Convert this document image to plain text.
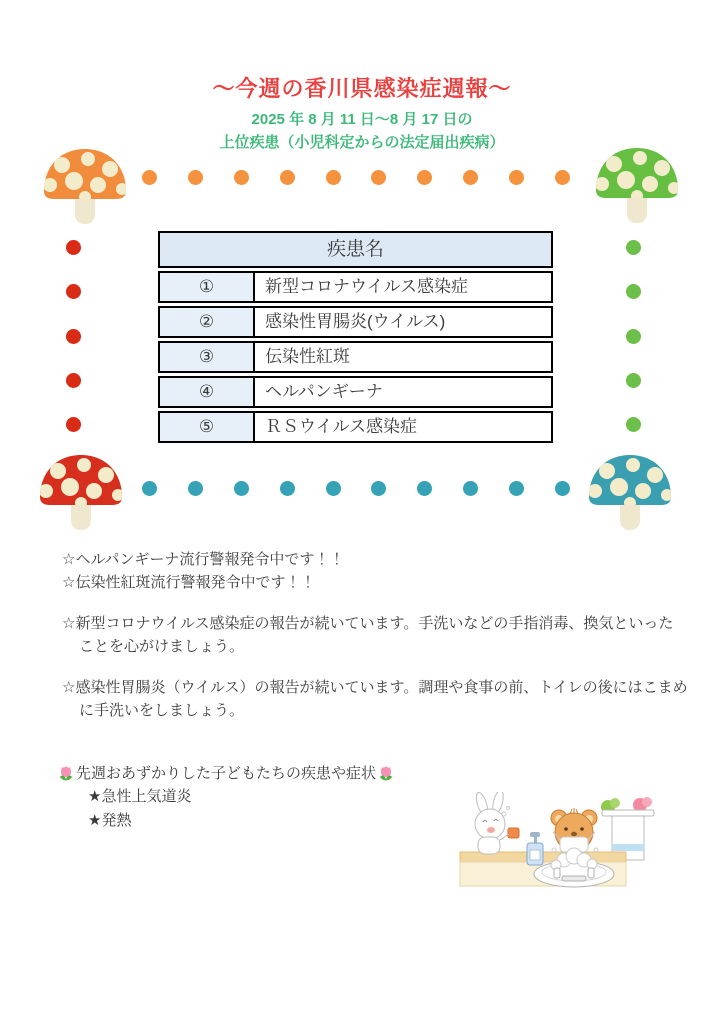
～今週の香川県感染症週報～
2025 年 8 月 11 日～8 月 17 日の
上位疾患（小児科定からの法定届出疾病）
疾患名
①	新型コロナウイルス感染症
②	感染性胃腸炎(ウイルス)
③	伝染性紅斑
④	ヘルパンギーナ
⑤	ＲＳウイルス感染症
☆ヘルパンギーナ流行警報発令中です！！
☆伝染性紅斑流行警報発令中です！！
☆新型コロナウイルス感染症の報告が続いています。手洗いなどの手指消毒、換気といった
ことを心がけましょう。
☆感染性胃腸炎（ウイルス）の報告が続いています。調理や食事の前、トイレの後にはこまめ
に手洗いをしましょう。
先週おあずかりした子どもたちの疾患や症状
★急性上気道炎
★発熱
